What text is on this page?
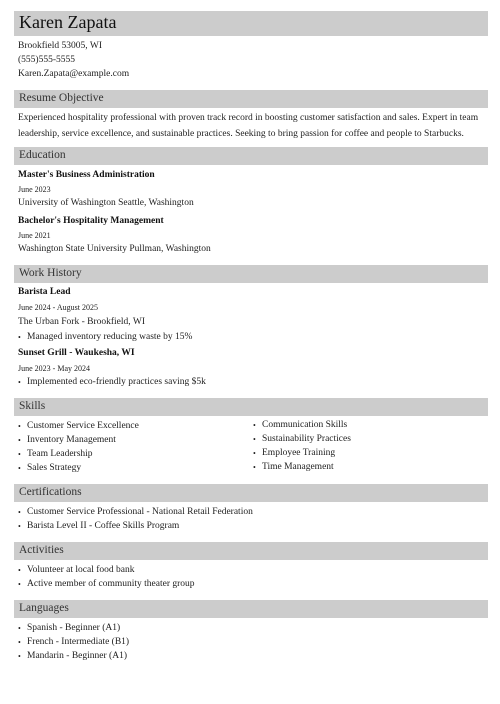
Karen Zapata
Brookfield 53005, WI
(555)555-5555
Karen.Zapata@example.com
Resume Objective
Experienced hospitality professional with proven track record in boosting customer satisfaction and sales. Expert in team leadership, service excellence, and sustainable practices. Seeking to bring passion for coffee and people to Starbucks.
Education
Master's Business Administration
June 2023
University of Washington Seattle, Washington
Bachelor's Hospitality Management
June 2021
Washington State University Pullman, Washington
Work History
Barista Lead
June 2024 - August 2025
The Urban Fork - Brookfield, WI
• Managed inventory reducing waste by 15%
Sunset Grill - Waukesha, WI
June 2023 - May 2024
• Implemented eco-friendly practices saving $5k
Skills
• Customer Service Excellence
• Inventory Management
• Team Leadership
• Sales Strategy
• Communication Skills
• Sustainability Practices
• Employee Training
• Time Management
Certifications
• Customer Service Professional - National Retail Federation
• Barista Level II - Coffee Skills Program
Activities
• Volunteer at local food bank
• Active member of community theater group
Languages
• Spanish - Beginner (A1)
• French - Intermediate (B1)
• Mandarin - Beginner (A1)
